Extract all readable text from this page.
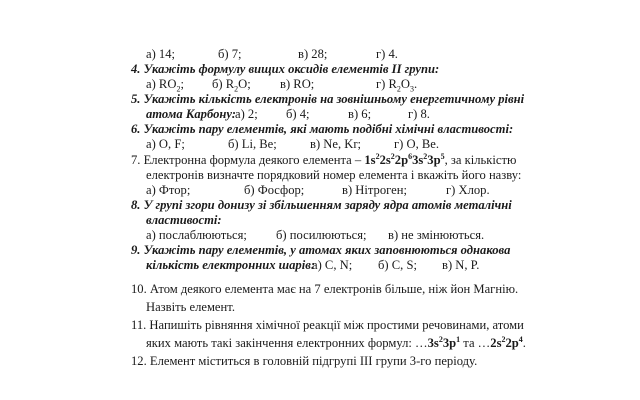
а) 14;	б) 7;	в) 28;	г) 4.
4. Укажіть формулу вищих оксидів елементів ІІ групи:
а) $RO_2$; б) $R_2O$; в) RO;	г) $R_2O_3$.
5. Укажіть кількість електронів на зовнішньому енергетичному рівні
атома Карбону: а) 2; б) 4;	в) 6;	г) 8.
6. Укажіть пару елементів, які мають подібні хімічні властивості:
а) O, F;	б) Li, Be;	в) Ne, Kr;	г) O, Be.
7. Електронна формула деякого елемента – $1s^22s^22p^63s^23p^5$, за кількістю
електронів визначте порядковий номер елемента і вкажіть його назву:
а) Фтор;	б) Фосфор;	в) Нітроген;	г) Хлор.
8. У групі згори донизу зі збільшенням заряду ядра атомів металічні
властивості:
а) послаблюються; б) посилюються; в) не змінюються.
9. Укажіть пару елементів, у атомах яких заповнюються однакова
кількість електронних шарів:
а) C, N; б) C, S; в) N, P.
10. Атом деякого елемента має на 7 електронів більше, ніж йон Магнію.
Назвіть елемент.
11. Напишіть рівняння хімічної реакції між простими речовинами, атоми
яких мають такі закінчення електронних формул: $\dots 3s^23p^1$ та $\dots 2s^22p^4$.
12. Елемент міститься в головній підгрупі ІІІ групи 3-го періоду.
